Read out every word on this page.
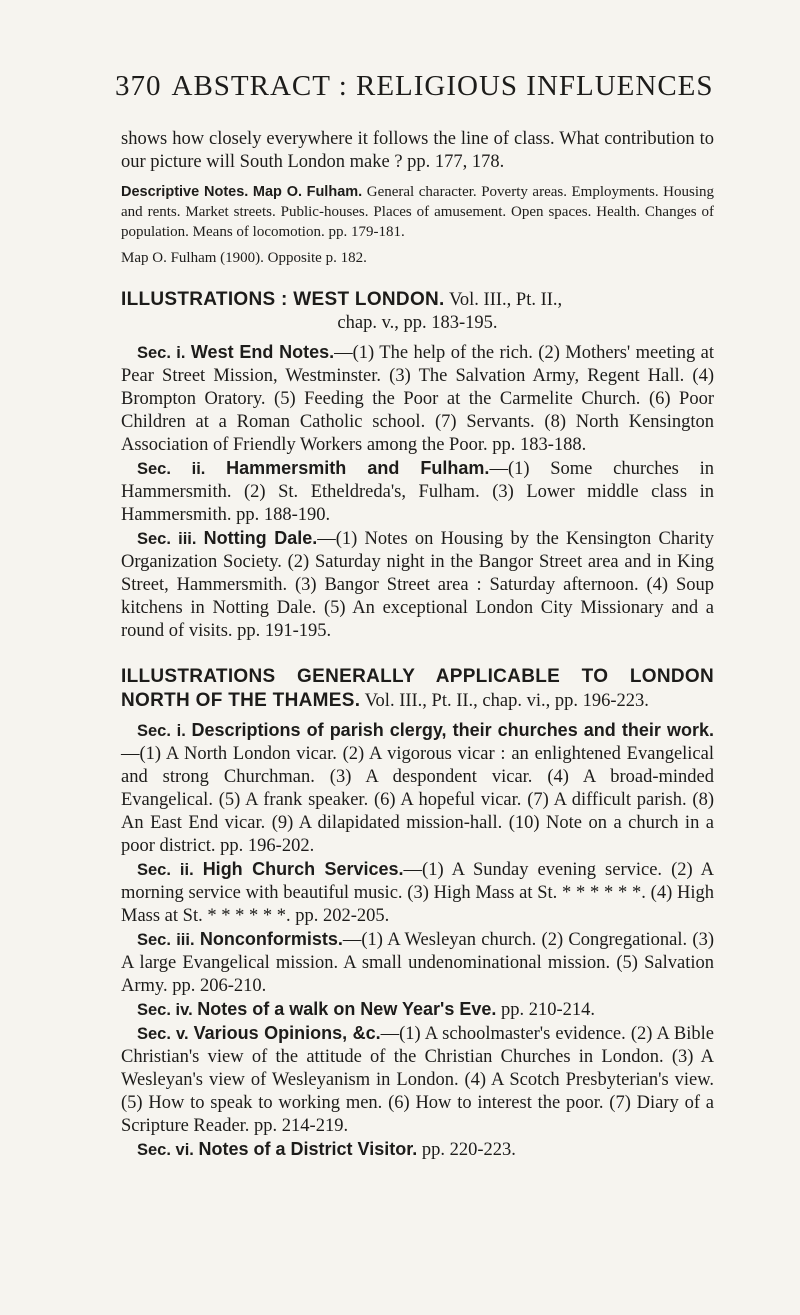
370 ABSTRACT : RELIGIOUS INFLUENCES

shows how closely everywhere it follows the line of class. What contribution to our picture will South London make ? pp. 177, 178.

Descriptive Notes. Map O. Fulham. General character. Poverty areas. Employments. Housing and rents. Market streets. Public-houses. Places of amusement. Open spaces. Health. Changes of population. Means of locomotion. pp. 179-181.

Map O. Fulham (1900). Opposite p. 182.

ILLUSTRATIONS : WEST LONDON. Vol. III., Pt. II.,
chap. v., pp. 183-195.

Sec. i. West End Notes.—(1) The help of the rich. (2) Mothers' meeting at Pear Street Mission, Westminster. (3) The Salvation Army, Regent Hall. (4) Brompton Oratory. (5) Feeding the Poor at the Carmelite Church. (6) Poor Children at a Roman Catholic school. (7) Servants. (8) North Kensington Association of Friendly Workers among the Poor. pp. 183-188.

Sec. ii. Hammersmith and Fulham.—(1) Some churches in Hammersmith. (2) St. Etheldreda's, Fulham. (3) Lower middle class in Hammersmith. pp. 188-190.

Sec. iii. Notting Dale.—(1) Notes on Housing by the Kensington Charity Organization Society. (2) Saturday night in the Bangor Street area and in King Street, Hammersmith. (3) Bangor Street area : Saturday afternoon. (4) Soup kitchens in Notting Dale. (5) An exceptional London City Missionary and a round of visits. pp. 191-195.

ILLUSTRATIONS GENERALLY APPLICABLE TO LONDON NORTH OF THE THAMES. Vol. III., Pt. II., chap. vi., pp. 196-223.

Sec. i. Descriptions of parish clergy, their churches and their work.—(1) A North London vicar. (2) A vigorous vicar : an enlightened Evangelical and strong Churchman. (3) A despondent vicar. (4) A broad-minded Evangelical. (5) A frank speaker. (6) A hopeful vicar. (7) A difficult parish. (8) An East End vicar. (9) A dilapidated mission-hall. (10) Note on a church in a poor district. pp. 196-202.

Sec. ii. High Church Services.—(1) A Sunday evening service. (2) A morning service with beautiful music. (3) High Mass at St. * * * * * *. (4) High Mass at St. * * * * * *. pp. 202-205.

Sec. iii. Nonconformists.—(1) A Wesleyan church. (2) Congregational. (3) A large Evangelical mission. A small undenominational mission. (5) Salvation Army. pp. 206-210.

Sec. iv. Notes of a walk on New Year's Eve. pp. 210-214.

Sec. v. Various Opinions, &c.—(1) A schoolmaster's evidence. (2) A Bible Christian's view of the attitude of the Christian Churches in London. (3) A Wesleyan's view of Wesleyanism in London. (4) A Scotch Presbyterian's view. (5) How to speak to working men. (6) How to interest the poor. (7) Diary of a Scripture Reader. pp. 214-219.

Sec. vi. Notes of a District Visitor. pp. 220-223.
